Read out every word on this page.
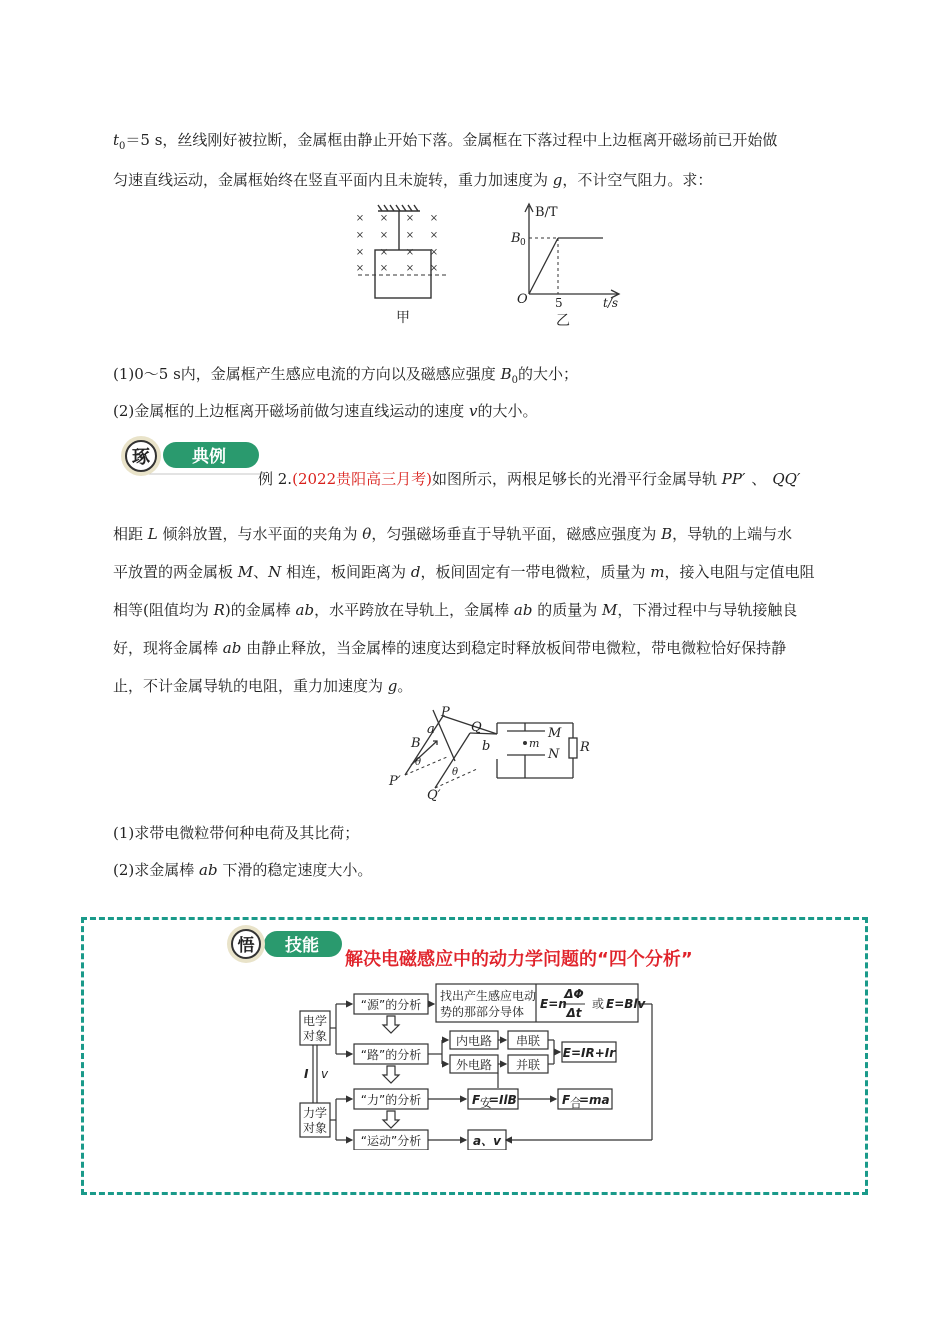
$t_0=5$ s，丝线刚好被拉断，金属框由静止开始下落。金属框在下落过程中上边框离开磁场前已开始做
匀速直线运动，金属框始终在竖直平面内且未旋转，重力加速度为 g，不计空气阻力。求：
× × × ×
× × × ×
× × × ×
× × × ×
甲
B/T
B 0
O 5	t/s
乙
(1)0～5 s内，金属框产生感应电流的方向以及磁感应强度 $B_0$的大小；
(2)金属框的上边框离开磁场前做匀速直线运动的速度 v的大小。
琢 典例
例 2.(2022贵阳高三月考)如图所示，两根足够长的光滑平行金属导轨 PP′ 、 QQ′
相距 L 倾斜放置，与水平面的夹角为 θ，匀强磁场垂直于导轨平面，磁感应强度为 B，导轨的上端与水
平放置的两金属板 M、N 相连，板间距离为 d，板间固定有一带电微粒，质量为 m，接入电阻与定值电阻
相等(阻值均为 R)的金属棒 ab，水平跨放在导轨上，金属棒 ab 的质量为 M，下滑过程中与导轨接触良
好，现将金属棒 ab 由静止释放，当金属棒的速度达到稳定时释放板间带电微粒，带电微粒恰好保持静
止，不计金属导轨的电阻，重力加速度为 g。
P
Q
a
b
B
θ
θ
P′
Q′
M
N
m	R
(1)求带电微粒带何种电荷及其比荷；
(2)求金属棒 ab 下滑的稳定速度大小。
悟 技能
解决电磁感应中的动力学问题的“四个分析”
电学
对象
力学
对象
I v
“源”的分析
“路”的分析
“力”的分析
“运动”分析
找出产生感应电动
势的那部分导体
E=n
ΔΦ
Δt
或 E=Blv
内电路
外电路
串联
并联
E=IR+Ir
F 安
=IlB	F 合
=ma
a、v
